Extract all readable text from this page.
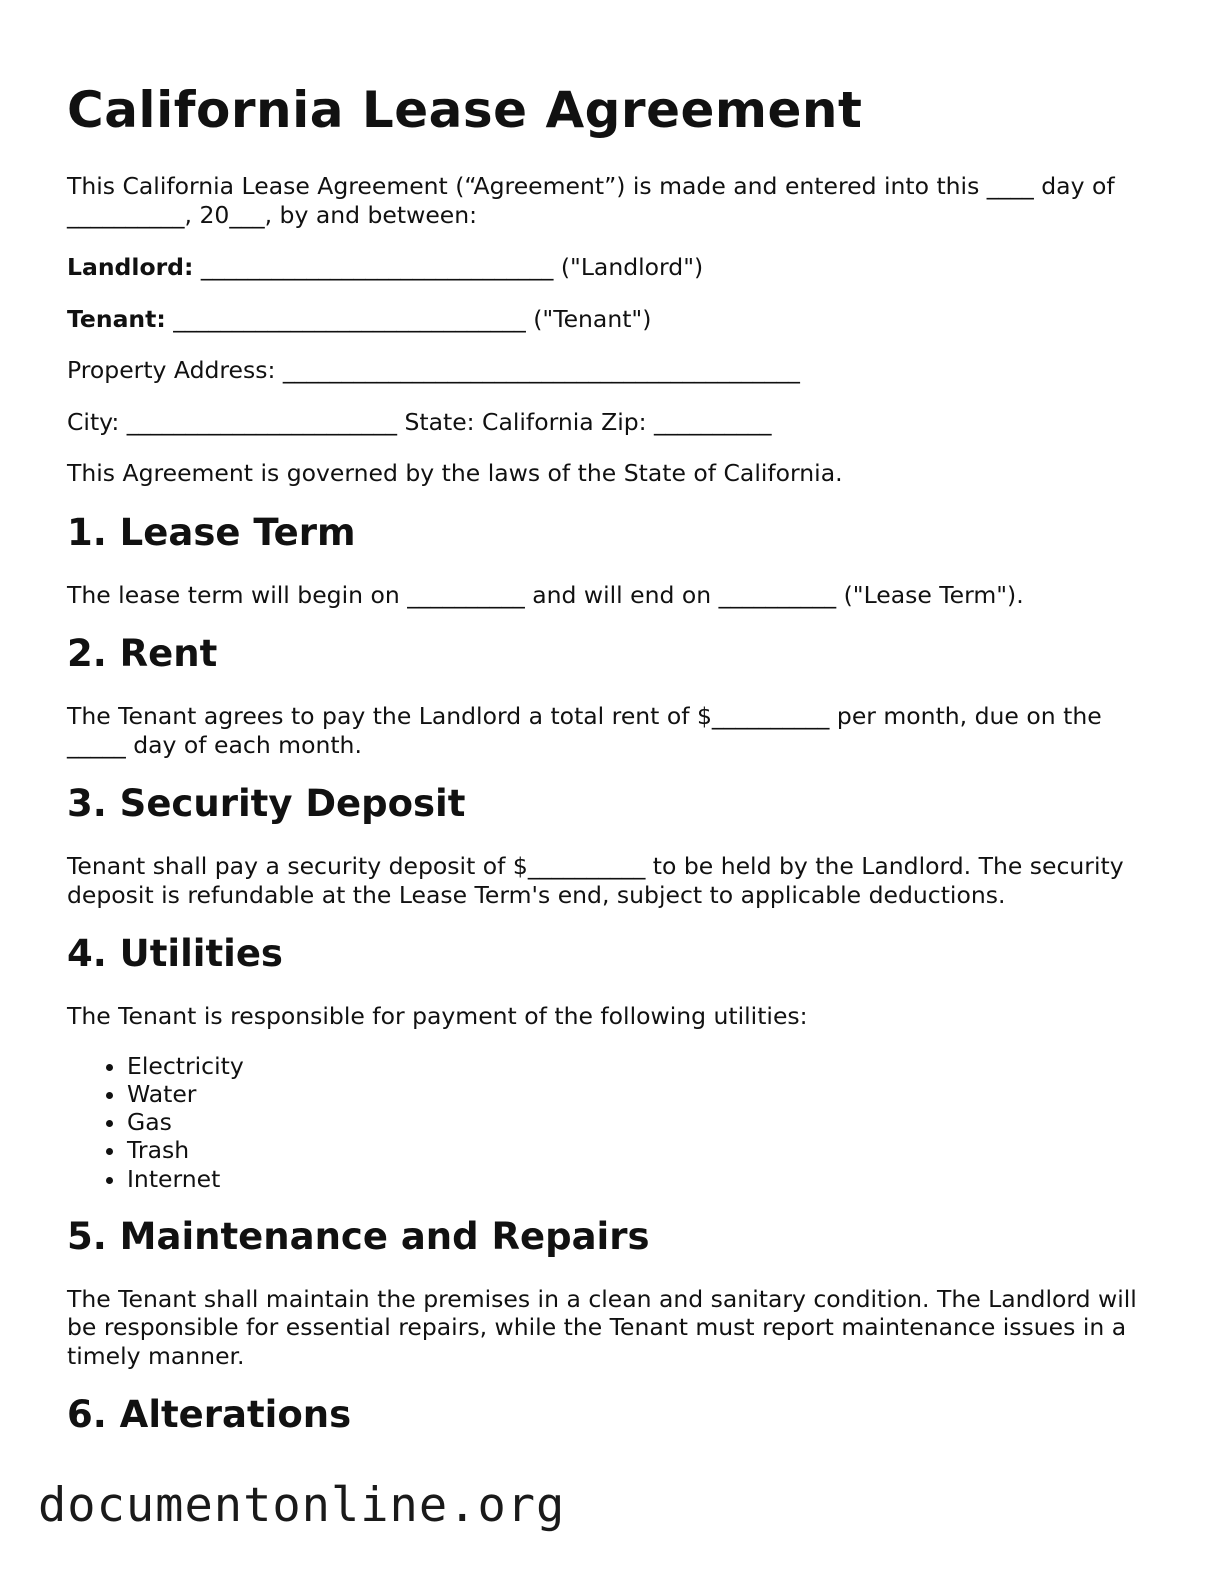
California Lease Agreement

This California Lease Agreement (“Agreement”) is made and entered into this ____ day of __________, 20___, by and between:

Landlord: ______________________________ ("Landlord")

Tenant: ______________________________ ("Tenant")

Property Address: ____________________________________________

City: _______________________ State: California Zip: __________

This Agreement is governed by the laws of the State of California.

1. Lease Term

The lease term will begin on __________ and will end on __________ ("Lease Term").

2. Rent

The Tenant agrees to pay the Landlord a total rent of $__________ per month, due on the _____ day of each month.

3. Security Deposit

Tenant shall pay a security deposit of $__________ to be held by the Landlord. The security deposit is refundable at the Lease Term's end, subject to applicable deductions.

4. Utilities

The Tenant is responsible for payment of the following utilities:

• Electricity
• Water
• Gas
• Trash
• Internet
5. Maintenance and Repairs

The Tenant shall maintain the premises in a clean and sanitary condition. The Landlord will be responsible for essential repairs, while the Tenant must report maintenance issues in a timely manner.

6. Alterations
documentonline.org
